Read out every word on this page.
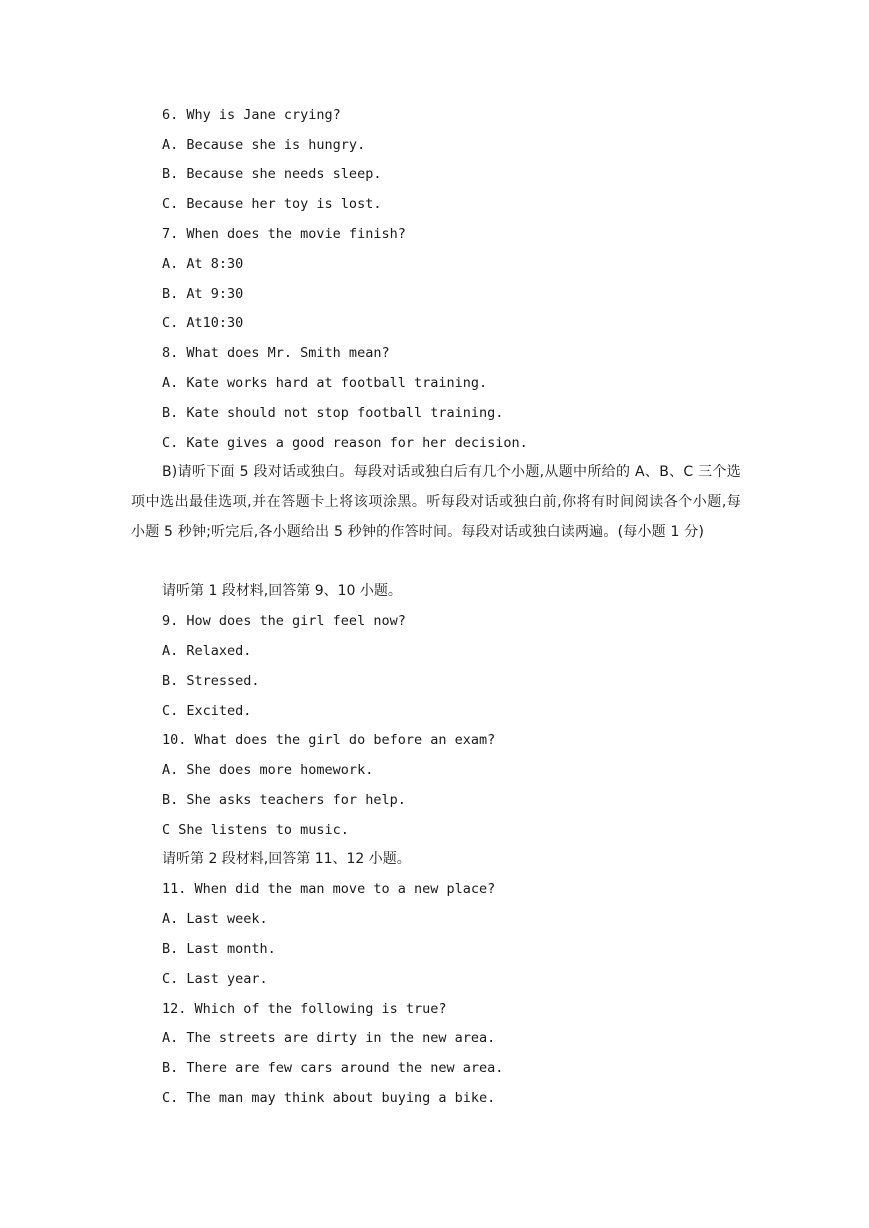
6. Why is Jane crying?
A. Because she is hungry.
B. Because she needs sleep.
C. Because her toy is lost.
7. When does the movie finish?
A. At 8:30
B. At 9:30
C. At10:30
8. What does Mr. Smith mean?
A. Kate works hard at football training.
B. Kate should not stop football training.
C. Kate gives a good reason for her decision.
B)请听下面 5 段对话或独白。每段对话或独白后有几个小题,从题中所给的 A、B、C 三个选项中选出最佳选项,并在答题卡上将该项涂黑。听每段对话或独白前,你将有时间阅读各个小题,每小题 5 秒钟;听完后,各小题给出 5 秒钟的作答时间。每段对话或独白读两遍。(每小题 1 分)
请听第 1 段材料,回答第 9、10 小题。
9. How does the girl feel now?
A. Relaxed.
B. Stressed.
C. Excited.
10. What does the girl do before an exam?
A. She does more homework.
B. She asks teachers for help.
C She listens to music.
请听第 2 段材料,回答第 11、12 小题。
11. When did the man move to a new place?
A. Last week.
B. Last month.
C. Last year.
12. Which of the following is true?
A. The streets are dirty in the new area.
B. There are few cars around the new area.
C. The man may think about buying a bike.
